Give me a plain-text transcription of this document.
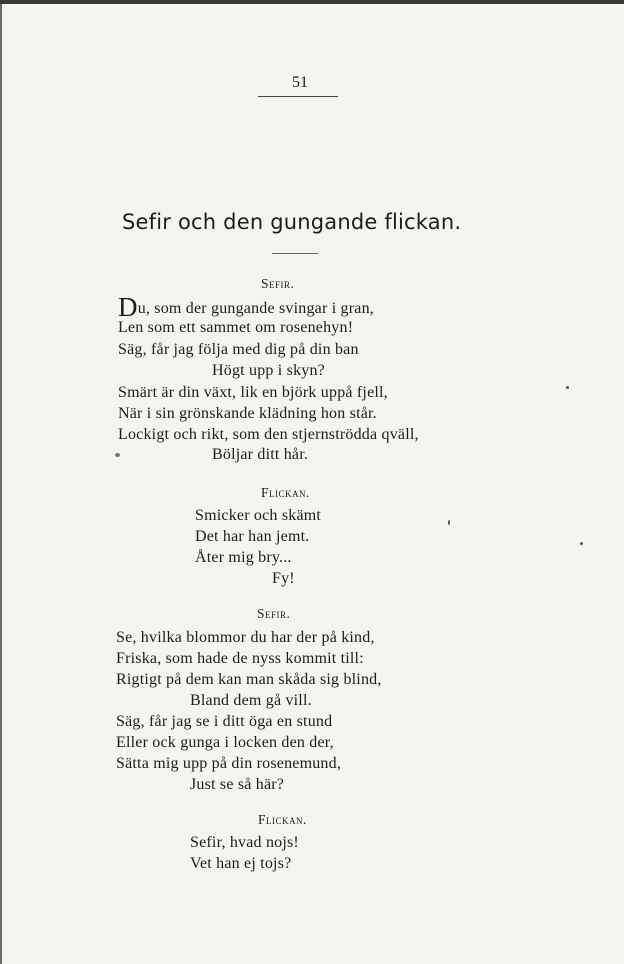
51
Sefir och den gungande flickan.
Sefir.
Du, som der gungande svingar i gran,
Len som ett sammet om rosenehyn!
Säg, får jag följa med dig på din ban
Högt upp i skyn?
Smärt är din växt, lik en björk uppå fjell,
När i sin grönskande klädning hon står.
Lockigt och rikt, som den stjernströdda qväll,
Böljar ditt hår.
Flickan.
Smicker och skämt
Det har han jemt.
Åter mig bry...
Fy!
Sefir.
Se, hvilka blommor du har der på kind,
Friska, som hade de nyss kommit till:
Rigtigt på dem kan man skåda sig blind,
Bland dem gå vill.
Säg, får jag se i ditt öga en stund
Eller ock gunga i locken den der,
Sätta mig upp på din rosenemund,
Just se så här?
Flickan.
Sefir, hvad nojs!
Vet han ej tojs?
